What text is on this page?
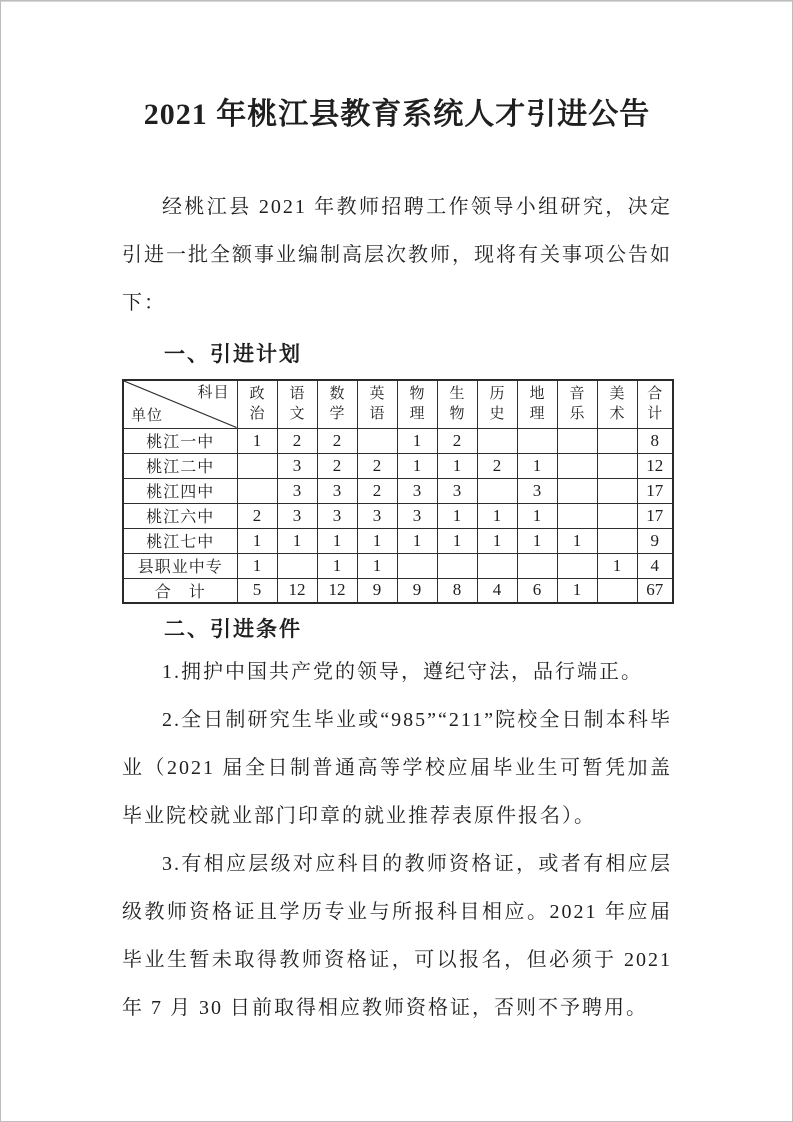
2021 年桃江县教育系统人才引进公告

经桃江县 2021 年教师招聘工作领导小组研究，决定引进一批全额事业编制高层次教师，现将有关事项公告如下：

一、引进计划

科目
单位	政治	语文	数学	英语	物理	生物	历史	地理	音乐	美术	合计

桃江一中	1	2	2		1	2					8
桃江二中		3	2	2	1	1	2	1			12
桃江四中		3	3	2	3	3		3			17
桃江六中	2	3	3	3	3	1	1	1			17
桃江七中	1	1	1	1	1	1	1	1	1		9
县职业中专	1		1	1						1	4
合　计	5	12	12	9	9	8	4	6	1		67

二、引进条件

1.拥护中国共产党的领导，遵纪守法，品行端正。

2.全日制研究生毕业或“985”“211”院校全日制本科毕业（2021 届全日制普通高等学校应届毕业生可暂凭加盖毕业院校就业部门印章的就业推荐表原件报名）。

3.有相应层级对应科目的教师资格证，或者有相应层级教师资格证且学历专业与所报科目相应。2021 年应届毕业生暂未取得教师资格证，可以报名，但必须于 2021 年 7 月 30 日前取得相应教师资格证，否则不予聘用。
